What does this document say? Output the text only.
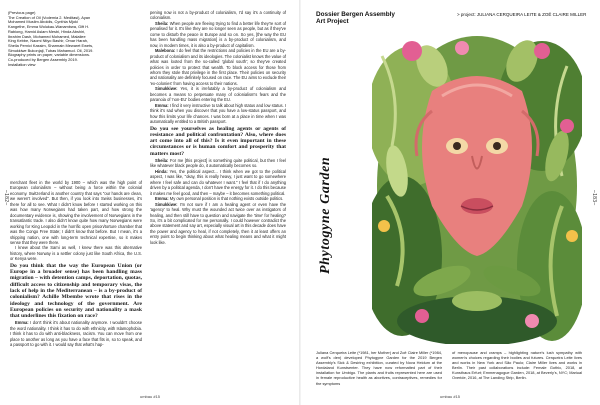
–182–	–183–
(Previous page)
The Creation of Oil (Vodemia 2. Meditasi), Ayan
Mohamed Muslim Aboldis, Cynthia Mjoki
Kangethe, Emma Wolukau-Wanambwa, Gift H.
Rabiong, Hamid Aslam Mesbi, Hinda Abshiri,
Ibrahim Dash, Mohamed Mohamed, Malaliee
King Kebbe, Naomi Ntiyo Bashir, Omar Harah,
Sheila Pernici Kassim, Sharmain Mewaret Ewets,
Simukkiwe Bukonjaji, Tubas Mahamud. Oil, 2019.
Biography prints on paper, variable dimensions.
Co-produced by Bergen Assembly 2019.
Installation view

merchant fleet in the world by 1900 – which was the high point of European colonialism – without being a force within the colonial economy. Switzerland is another country that says "our hands are clean, we weren't involved". But then, if you look into Swiss businesses, it's there for all to see. What I didn't know before I started working on this was how many Norwegians had taken part, and how strong the documentary evidence is, showing the involvement of Norwegians in the transatlantic trade. I also didn't know quite how many Norwegians were working for King Leopold in the horrific open prison/torture chamber that was the Congo Free State; I didn't know that before. But I mean, it's a shipping nation, one with long-term technical expertise, so it makes sense that they were there.

I knew about the Sami as well, I knew there was this alternative history, where Norway is a settler colony just like South Africa, the U.S. or Kenya were.

Do you think that the way the European Union (or Europe in a broader sense) has been handling mass migration – with detention camps, deportation, quotas, difficult access to citizenship and temporary visas, the lack of help in the Mediterranean – is a by-product of colonialism? Achille Mbembe wrote that rises in the ideology and technology of the government. Are European policies on security and nationality a mask that underlines this fixation on race?

Emma: I don't think it's about nationality anymore. I wouldn't choose the word nationality. I think it has to do with ethnicity, with Islamophobia. I think it has to do with anti-blackness, racism. You can move from one place to another as long as you have a face that fits in, so to speak, and a passport to go with it. I would say that what's hap-

pening now is not a by-product of colonialism, I'd say it's a continuity of colonialism.

Sheila: When people are fleeing trying to find a better life they're sort of penalised for it. It's like they are no longer seen as people, but as if they've come to disturb the peace in Europe and so on. So yes, [the way the EU has been handling mass migration] is a by-product of colonialism, and now, in modern times, it is also a by-product of capitalism.

Malebona: I do feel that the restrictions and policies in the EU are a by-product of colonialism and its ideologies. The colonialist knows the value of what was looted from the so-called 'global south'; so they've created policies in order to protect that wealth. To block access for those from whom they stole that privilege in the first place. Their policies on security and nationality are definitely focused on race. The EU aims to exclude their 'ex-colonies' from having access to their nations.

Simukkiwe: Yes, it is irrefutably a by-product of colonialism and becomes a means to perpetuate many of colonialism's fears and the paranoia of 'non-EU' bodies entering the EU.

Emma: I find it very instructive to talk about high status and low status. I think it's sad when you discover that you have a low-status passport, and how this limits your life chances. I was born at a place in time when I was automatically entitled to a British passport.

Do you see yourselves as healing agents or agents of resistance and political confrontation? Also, where does art come into all of this? Is it even important in these circumstances or is human comfort and prosperity that matters most?

Sheila: For me [this project] is something quite political, but then I feel like whatever black people do, it automatically becomes so.

Hinda: Yes, the political aspect... I think when we got to the political aspect, I was like, "okay, this is really heavy, I just want to go somewhere where I feel safe and can do whatever I want." I feel that if I do anything driven by a political agenda, I don't have the energy for it. I do this because it makes me feel good, and then – maybe – it becomes something political.

Emma: My own personal position is that nothing exists outside politics.

Simukkiwe: I'm not sure if I am a healing agent or even have the 'agency' to heal. Why must the wounded act twice over as instigators of healing, and then still have to question and navigate the 'time' for healing? So, it's a bit complicated for me personally. I could however contradict the above statement and say art, especially visual art in this decade does have the power and agency to heal, if not completely, then it at least offers an entry point to begin thinking about what healing means and what it might look like.

Dossier Bergen Assembly
Art Project
> project: JULIANA CERQUEIRA LEITE & ZOË CLAIRE MILLER
Phytogyne Garden

Juliana Cerqueira Leite (*1981, her Mother) and Zoë Claire Miller (*1984, a wolf's den) developed Phytogyne Garden for the 2019 Bergen Assembly's Sick & Desiring exhibition, curated by Nova Heidum at the Hordaland Kunstsenter. They have now reformatted part of their installation for Umbigo. The plants and fruits represented here are used in female reproductive health as abortives, contraceptives, remedies for the symptoms

of menopause and cramps – highlighting nature's lush sympathy with women's choices regarding their bodies and futures. Cerqueira Leite lives and works in New York and São Paulo; Claire Miller lives and works in Berlin. Their past collaborations include: Female Gothic, 2018, at Kunsthaus Erfurt; Emmenagogue Garden, 2018, at Beverly's, NYC; Mariual Overide, 2016, at The Landing Strip, Berlin.

umbau #15	umbau #15
